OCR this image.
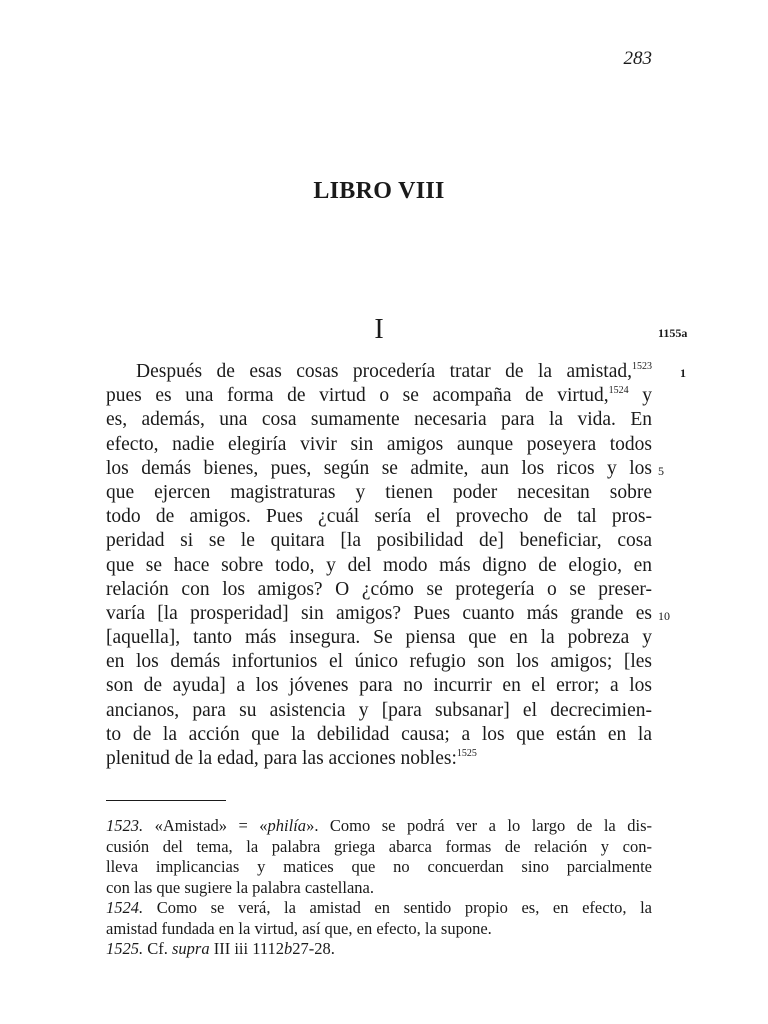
283
LIBRO VIII
I	1155a
1
5
10
Después de esas cosas procedería tratar de la amistad,$^{1523}$
pues es una forma de virtud o se acompaña de virtud,$^{1524}$ y
es, además, una cosa sumamente necesaria para la vida. En
efecto, nadie elegiría vivir sin amigos aunque poseyera todos
los demás bienes, pues, según se admite, aun los ricos y los
que ejercen magistraturas y tienen poder necesitan sobre
todo de amigos. Pues ¿cuál sería el provecho de tal pros-
peridad si se le quitara [la posibilidad de] beneficiar, cosa
que se hace sobre todo, y del modo más digno de elogio, en
relación con los amigos? O ¿cómo se protegería o se preser-
varía [la prosperidad] sin amigos? Pues cuanto más grande es
[aquella], tanto más insegura. Se piensa que en la pobreza y
en los demás infortunios el único refugio son los amigos; [les
son de ayuda] a los jóvenes para no incurrir en el error; a los
ancianos, para su asistencia y [para subsanar] el decrecimien-
to de la acción que la debilidad causa; a los que están en la
plenitud de la edad, para las acciones nobles:$^{1525}$
1523. «Amistad» = «philía». Como se podrá ver a lo largo de la dis-
cusión del tema, la palabra griega abarca formas de relación y con-
lleva implicancias y matices que no concuerdan sino parcialmente
con las que sugiere la palabra castellana.
1524. Como se verá, la amistad en sentido propio es, en efecto, la
amistad fundada en la virtud, así que, en efecto, la supone.
1525. Cf. supra III iii 1112b27-28.
